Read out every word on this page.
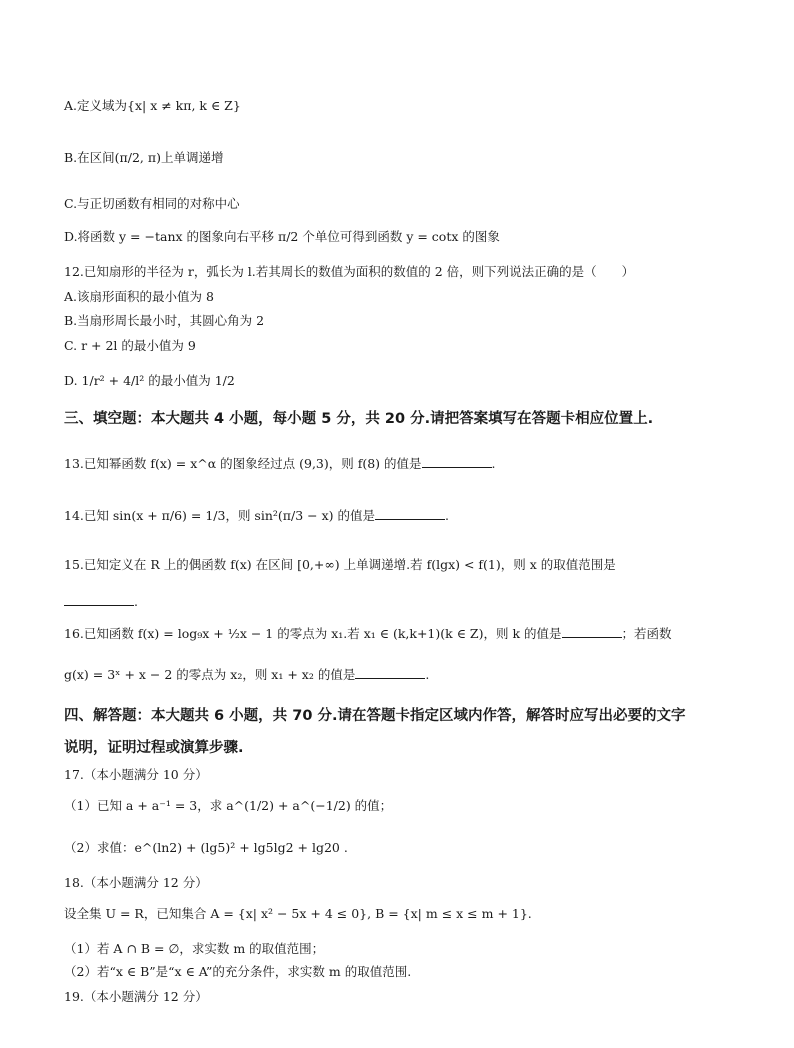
A.定义域为{x| x ≠ kπ, k ∈ Z}
B.在区间(π/2, π)上单调递增
C.与正切函数有相同的对称中心
D.将函数 y = −tanx 的图象向右平移 π/2 个单位可得到函数 y = cotx 的图象
12.已知扇形的半径为 r，弧长为 l.若其周长的数值为面积的数值的 2 倍，则下列说法正确的是（　　）
A.该扇形面积的最小值为 8
B.当扇形周长最小时，其圆心角为 2
C. r + 2l 的最小值为 9
D. 1/r² + 4/l² 的最小值为 1/2
三、填空题：本大题共 4 小题，每小题 5 分，共 20 分.请把答案填写在答题卡相应位置上.
13.已知幂函数 f(x) = x^α 的图象经过点 (9,3)，则 f(8) 的值是	.
14.已知 sin(x + π/6) = 1/3，则 sin²(π/3 − x) 的值是	.
15.已知定义在 R 上的偶函数 f(x) 在区间 [0,+∞) 上单调递增.若 f(lgx) < f(1)，则 x 的取值范围是
.
16.已知函数 f(x) = log₉x + ½x − 1 的零点为 x₁.若 x₁ ∈ (k,k+1)(k ∈ Z)，则 k 的值是	；若函数
g(x) = 3ˣ + x − 2 的零点为 x₂，则 x₁ + x₂ 的值是	.
四、解答题：本大题共 6 小题，共 70 分.请在答题卡指定区域内作答，解答时应写出必要的文字
说明，证明过程或演算步骤.
17.（本小题满分 10 分）
（1）已知 a + a⁻¹ = 3，求 a^(1/2) + a^(−1/2) 的值；
（2）求值：e^(ln2) + (lg5)² + lg5lg2 + lg20 .
18.（本小题满分 12 分）
设全集 U = R，已知集合 A = {x| x² − 5x + 4 ≤ 0}, B = {x| m ≤ x ≤ m + 1}.
（1）若 A ∩ B = ∅，求实数 m 的取值范围；
（2）若“x ∈ B”是“x ∈ A”的充分条件，求实数 m 的取值范围.
19.（本小题满分 12 分）
